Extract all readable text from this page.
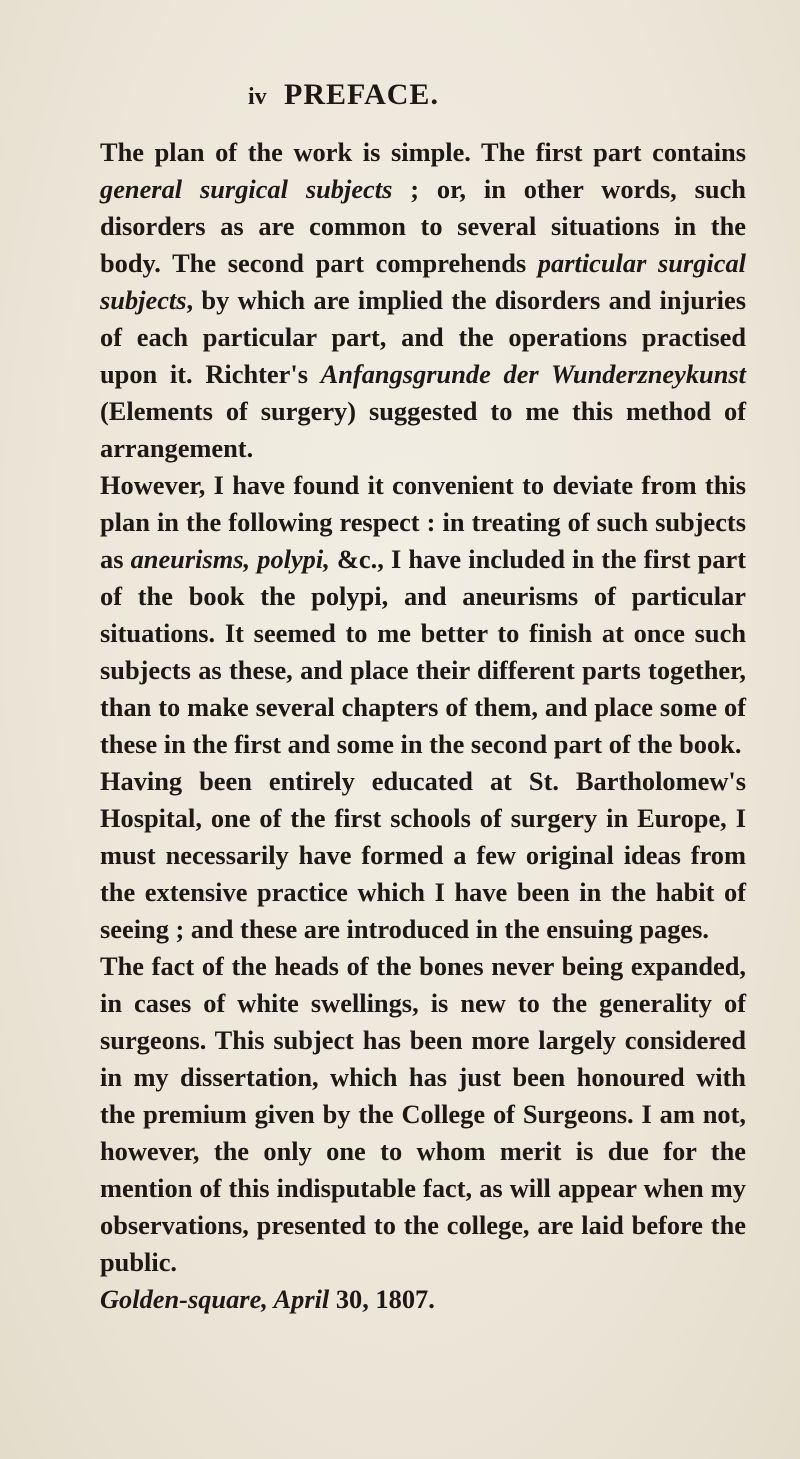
iv PREFACE.

The plan of the work is simple. The first part contains general surgical subjects ; or, in other words, such disorders as are common to several situations in the body. The second part comprehends particular surgical subjects, by which are implied the disorders and injuries of each particular part, and the operations practised upon it. Richter's Anfangsgrunde der Wunderzneykunst (Elements of surgery) suggested to me this method of arrangement.

However, I have found it convenient to deviate from this plan in the following respect : in treating of such subjects as aneurisms, polypi, &c., I have included in the first part of the book the polypi, and aneurisms of particular situations. It seemed to me better to finish at once such subjects as these, and place their different parts together, than to make several chapters of them, and place some of these in the first and some in the second part of the book.

Having been entirely educated at St. Bartholomew's Hospital, one of the first schools of surgery in Europe, I must necessarily have formed a few original ideas from the extensive practice which I have been in the habit of seeing ; and these are introduced in the ensuing pages.

The fact of the heads of the bones never being expanded, in cases of white swellings, is new to the generality of surgeons. This subject has been more largely considered in my dissertation, which has just been honoured with the premium given by the College of Surgeons. I am not, however, the only one to whom merit is due for the mention of this indisputable fact, as will appear when my observations, presented to the college, are laid before the public.

Golden-square, April 30, 1807.
